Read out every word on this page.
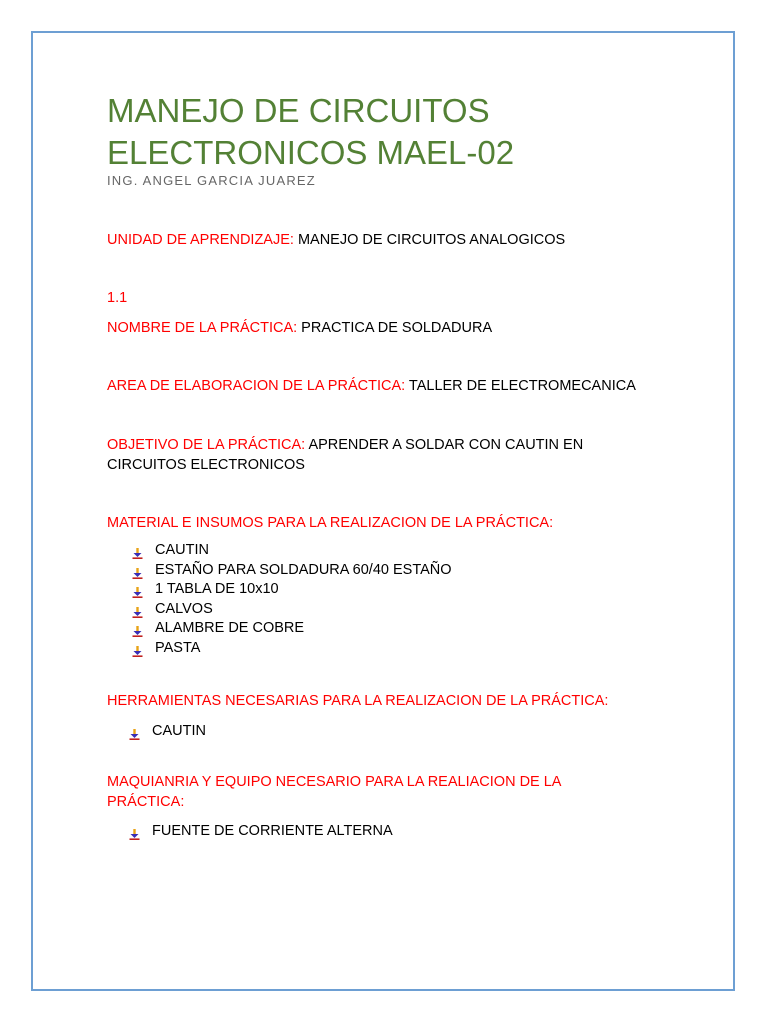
MANEJO DE CIRCUITOS
ELECTRONICOS MAEL-02
ING. ANGEL GARCIA JUAREZ
UNIDAD DE APRENDIZAJE: MANEJO DE CIRCUITOS ANALOGICOS
1.1
NOMBRE DE LA PRÁCTICA: PRACTICA DE SOLDADURA
AREA DE ELABORACION DE LA PRÁCTICA: TALLER DE ELECTROMECANICA
OBJETIVO DE LA PRÁCTICA: APRENDER A SOLDAR CON CAUTIN EN
CIRCUITOS ELECTRONICOS
MATERIAL E INSUMOS PARA LA REALIZACION DE LA PRÁCTICA:
CAUTIN
ESTAÑO PARA SOLDADURA 60/40 ESTAÑO
1 TABLA DE 10x10
CALVOS
ALAMBRE DE COBRE
PASTA
HERRAMIENTAS NECESARIAS PARA LA REALIZACION DE LA PRÁCTICA:
CAUTIN
MAQUIANRIA Y EQUIPO NECESARIO PARA LA REALIACION DE LA
PRÁCTICA:
FUENTE DE CORRIENTE ALTERNA
